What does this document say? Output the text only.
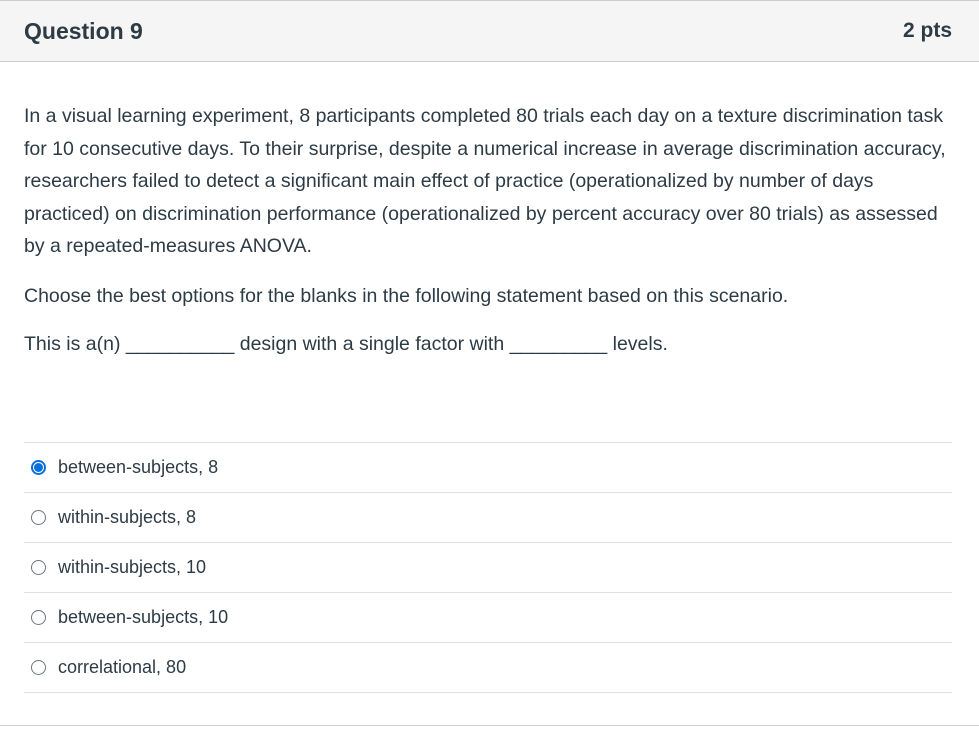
Question 9	2 pts

In a visual learning experiment, 8 participants completed 80 trials each day on a texture discrimination task for 10 consecutive days. To their surprise, despite a numerical increase in average discrimination accuracy, researchers failed to detect a significant main effect of practice (operationalized by number of days practiced) on discrimination performance (operationalized by percent accuracy over 80 trials) as assessed by a repeated-measures ANOVA.

Choose the best options for the blanks in the following statement based on this scenario.

This is a(n) __________ design with a single factor with _________ levels.

between-subjects, 8
within-subjects, 8
within-subjects, 10
between-subjects, 10
correlational, 80
